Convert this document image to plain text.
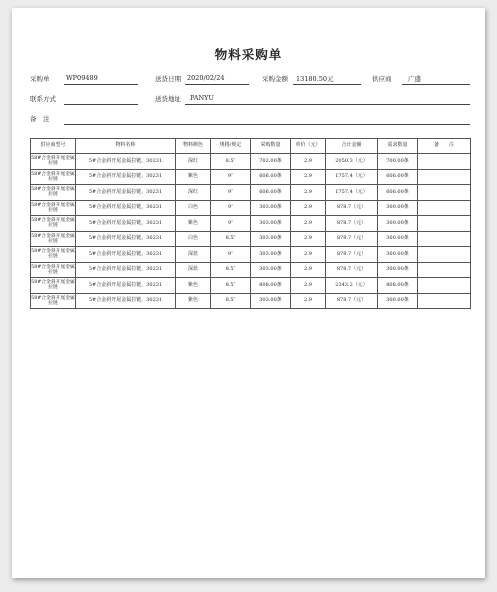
物料采购单
采购单	WP09489	送货日期 2020/02/24	采购金额 13180.50元	供应商	广盛
联系方式	送货地址 PANYU
备　注
供应商型号	物料名称	物料颜色	规格/规定	采购数量	单价（元）	合计金额	需求数量	备　　注
58#合金斜开尾金属拉链	5#合金斜开尾金属拉链，30231	深红	8.5″	702.00条	2.9	2050.3（元）	700.00条	
58#合金斜开尾金属拉链	5#合金斜开尾金属拉链，30231	紫色	9″	606.00条	2.9	1757.4（元）	606.00条	
58#合金斜开尾金属拉链	5#合金斜开尾金属拉链，30231	深红	9″	606.00条	2.9	1757.4（元）	606.00条	
58#合金斜开尾金属拉链	5#合金斜开尾金属拉链，30231	白色	9″	303.00条	2.9	878.7（元）	300.00条	
58#合金斜开尾金属拉链	5#合金斜开尾金属拉链，30231	紫色	9″	303.00条	2.9	878.7（元）	300.00条	
58#合金斜开尾金属拉链	5#合金斜开尾金属拉链，30231	白色	8.5″	303.00条	2.9	878.7（元）	300.00条	
58#合金斜开尾金属拉链	5#合金斜开尾金属拉链，30231	深蓝	9″	303.00条	2.9	878.7（元）	300.00条	
58#合金斜开尾金属拉链	5#合金斜开尾金属拉链，30231	深蓝	8.5″	303.00条	2.9	878.7（元）	300.00条	
58#合金斜开尾金属拉链	5#合金斜开尾金属拉链，30231	紫色	8.5″	808.00条	2.9	2343.2（元）	808.00条	
58#合金斜开尾金属拉链	5#合金斜开尾金属拉链，30231	紫色	8.5″	303.00条	2.9	878.7（元）	300.00条	
